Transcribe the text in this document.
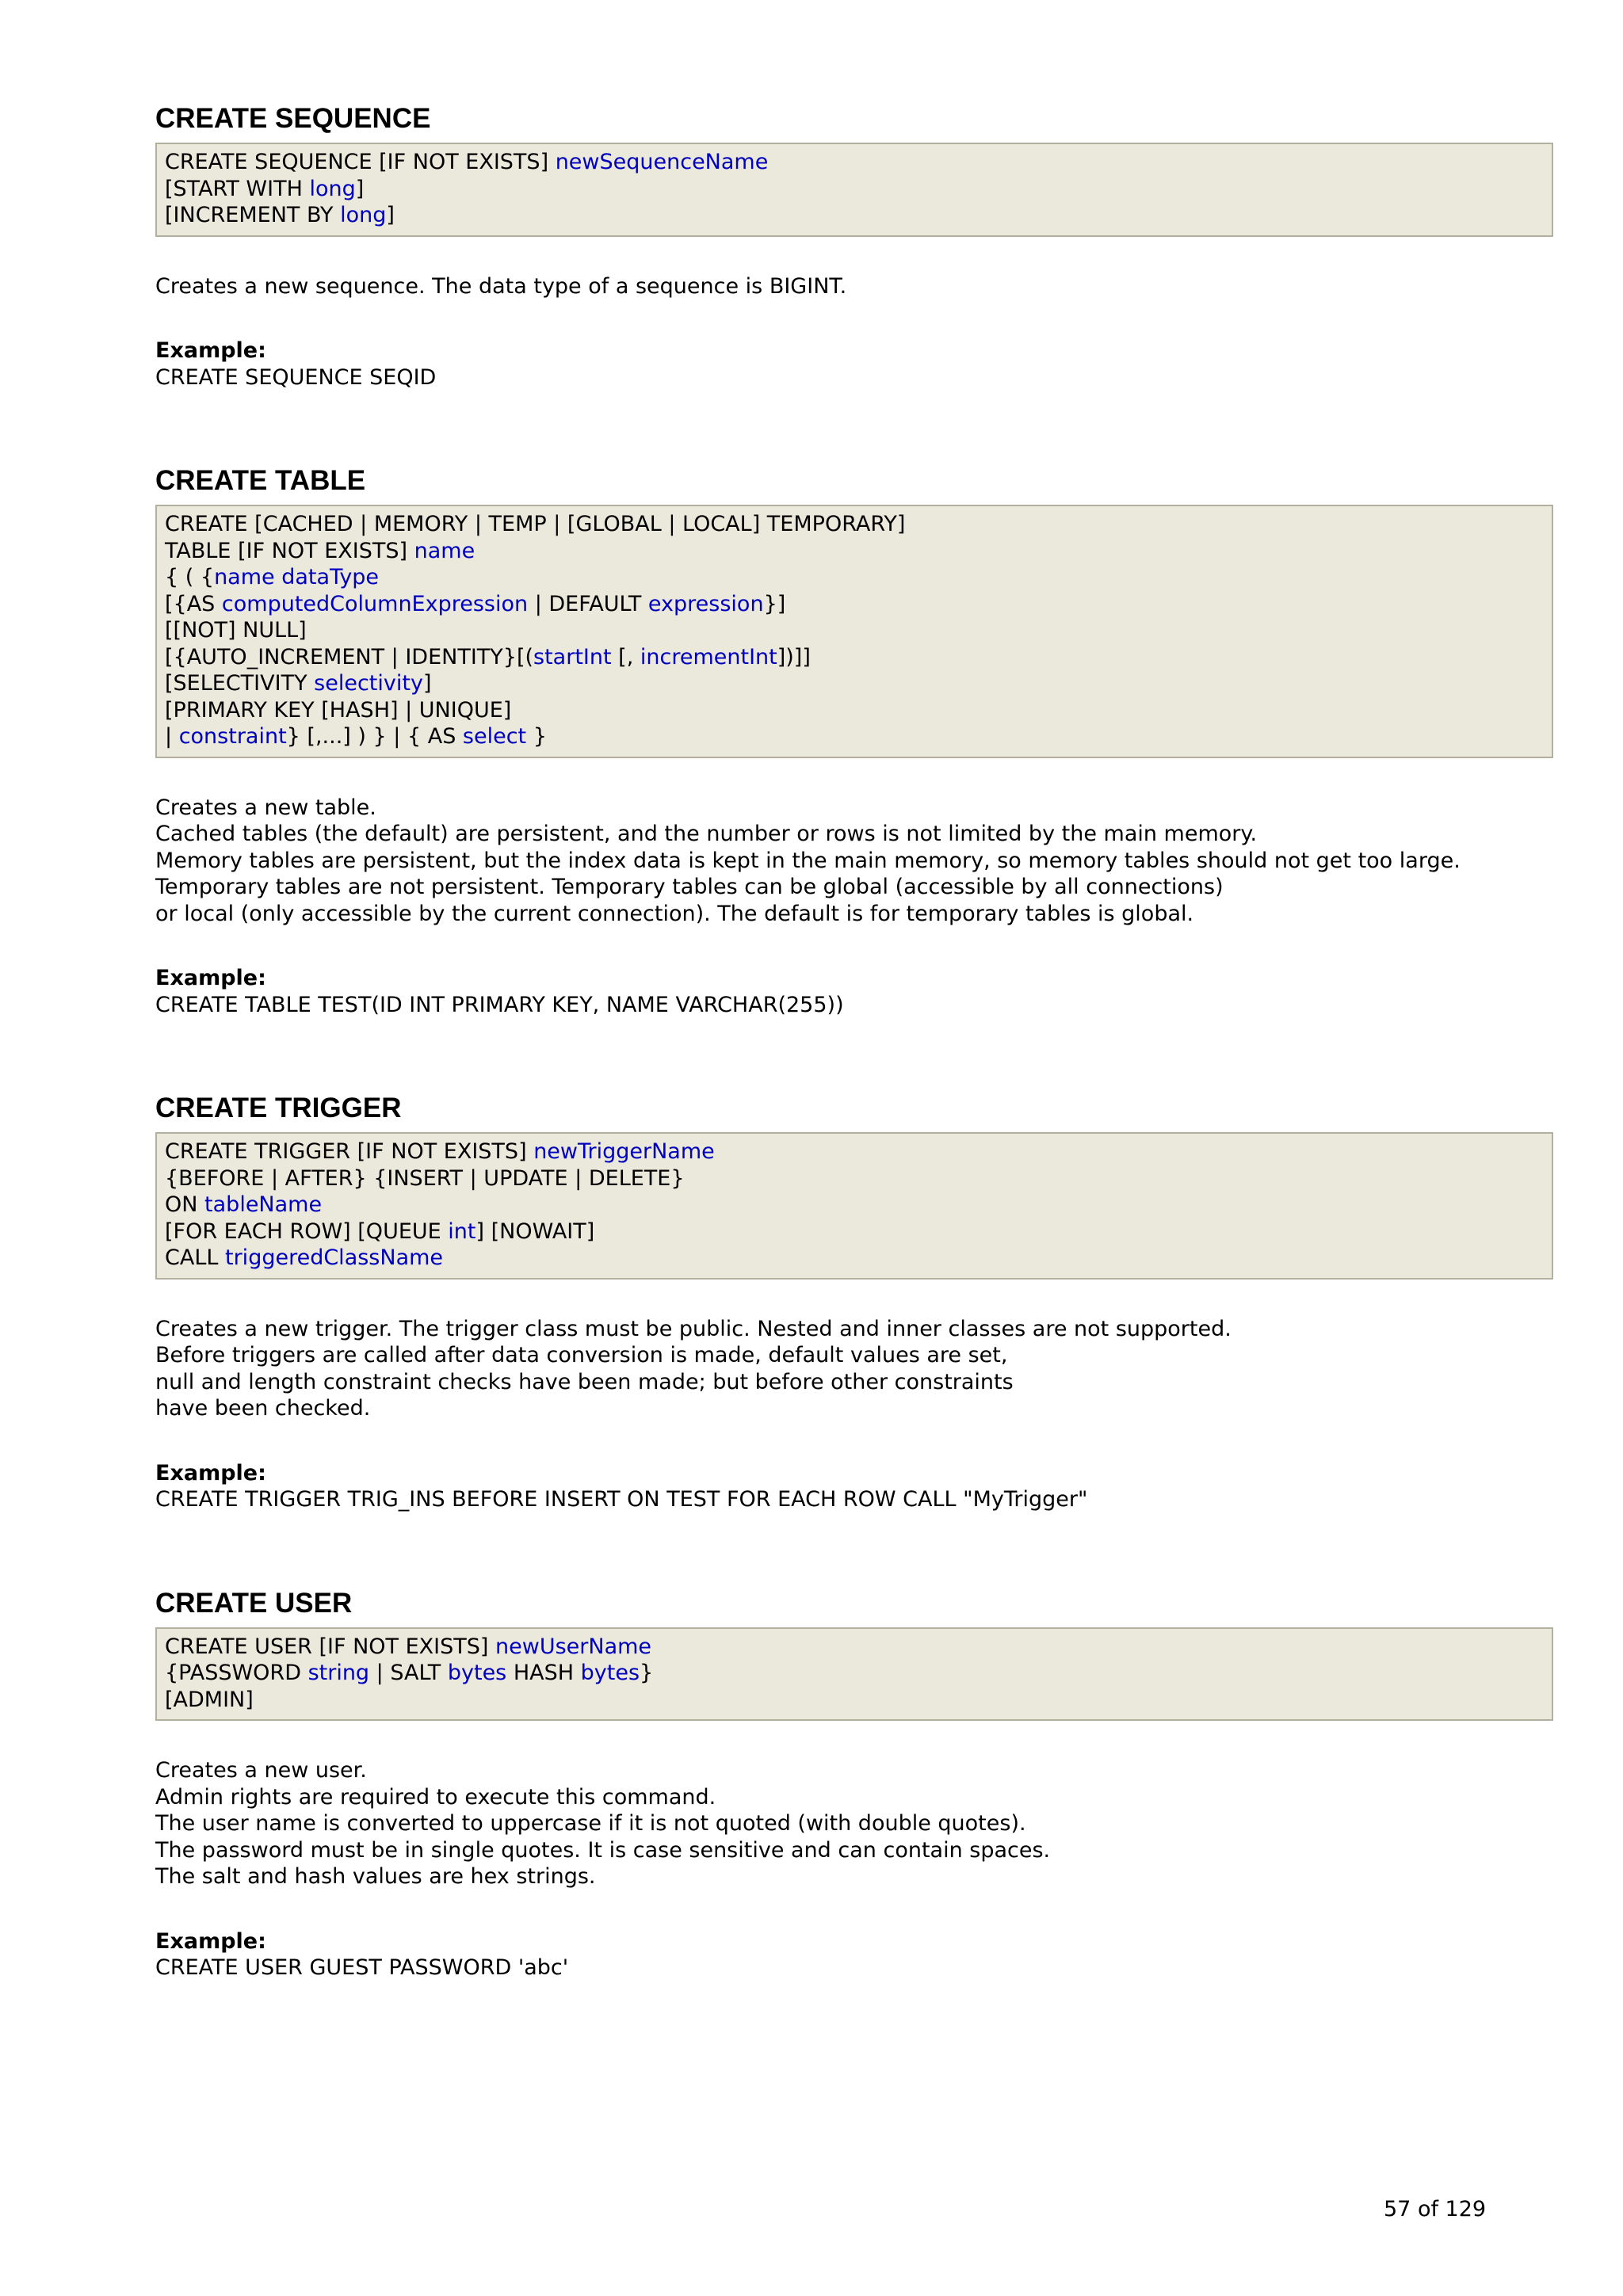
CREATE SEQUENCE
CREATE SEQUENCE [IF NOT EXISTS] newSequenceName
[START WITH long]
[INCREMENT BY long]
Creates a new sequence. The data type of a sequence is BIGINT.
Example:
CREATE SEQUENCE SEQID
CREATE TABLE
CREATE [CACHED | MEMORY | TEMP | [GLOBAL | LOCAL] TEMPORARY]
TABLE [IF NOT EXISTS] name
{ ( {name dataType
[{AS computedColumnExpression | DEFAULT expression}]
[[NOT] NULL]
[{AUTO_INCREMENT | IDENTITY}[(startInt [, incrementInt])]]
[SELECTIVITY selectivity]
[PRIMARY KEY [HASH] | UNIQUE]
| constraint} [,...] ) } | { AS select }
Creates a new table.
Cached tables (the default) are persistent, and the number or rows is not limited by the main memory.
Memory tables are persistent, but the index data is kept in the main memory, so memory tables should not get too large.
Temporary tables are not persistent. Temporary tables can be global (accessible by all connections)
or local (only accessible by the current connection). The default is for temporary tables is global.
Example:
CREATE TABLE TEST(ID INT PRIMARY KEY, NAME VARCHAR(255))
CREATE TRIGGER
CREATE TRIGGER [IF NOT EXISTS] newTriggerName
{BEFORE | AFTER} {INSERT | UPDATE | DELETE}
ON tableName
[FOR EACH ROW] [QUEUE int] [NOWAIT]
CALL triggeredClassName
Creates a new trigger. The trigger class must be public. Nested and inner classes are not supported.
Before triggers are called after data conversion is made, default values are set,
null and length constraint checks have been made; but before other constraints
have been checked.
Example:
CREATE TRIGGER TRIG_INS BEFORE INSERT ON TEST FOR EACH ROW CALL "MyTrigger"
CREATE USER
CREATE USER [IF NOT EXISTS] newUserName
{PASSWORD string | SALT bytes HASH bytes}
[ADMIN]
Creates a new user.
Admin rights are required to execute this command.
The user name is converted to uppercase if it is not quoted (with double quotes).
The password must be in single quotes. It is case sensitive and can contain spaces.
The salt and hash values are hex strings.
Example:
CREATE USER GUEST PASSWORD 'abc'
57 of 129
